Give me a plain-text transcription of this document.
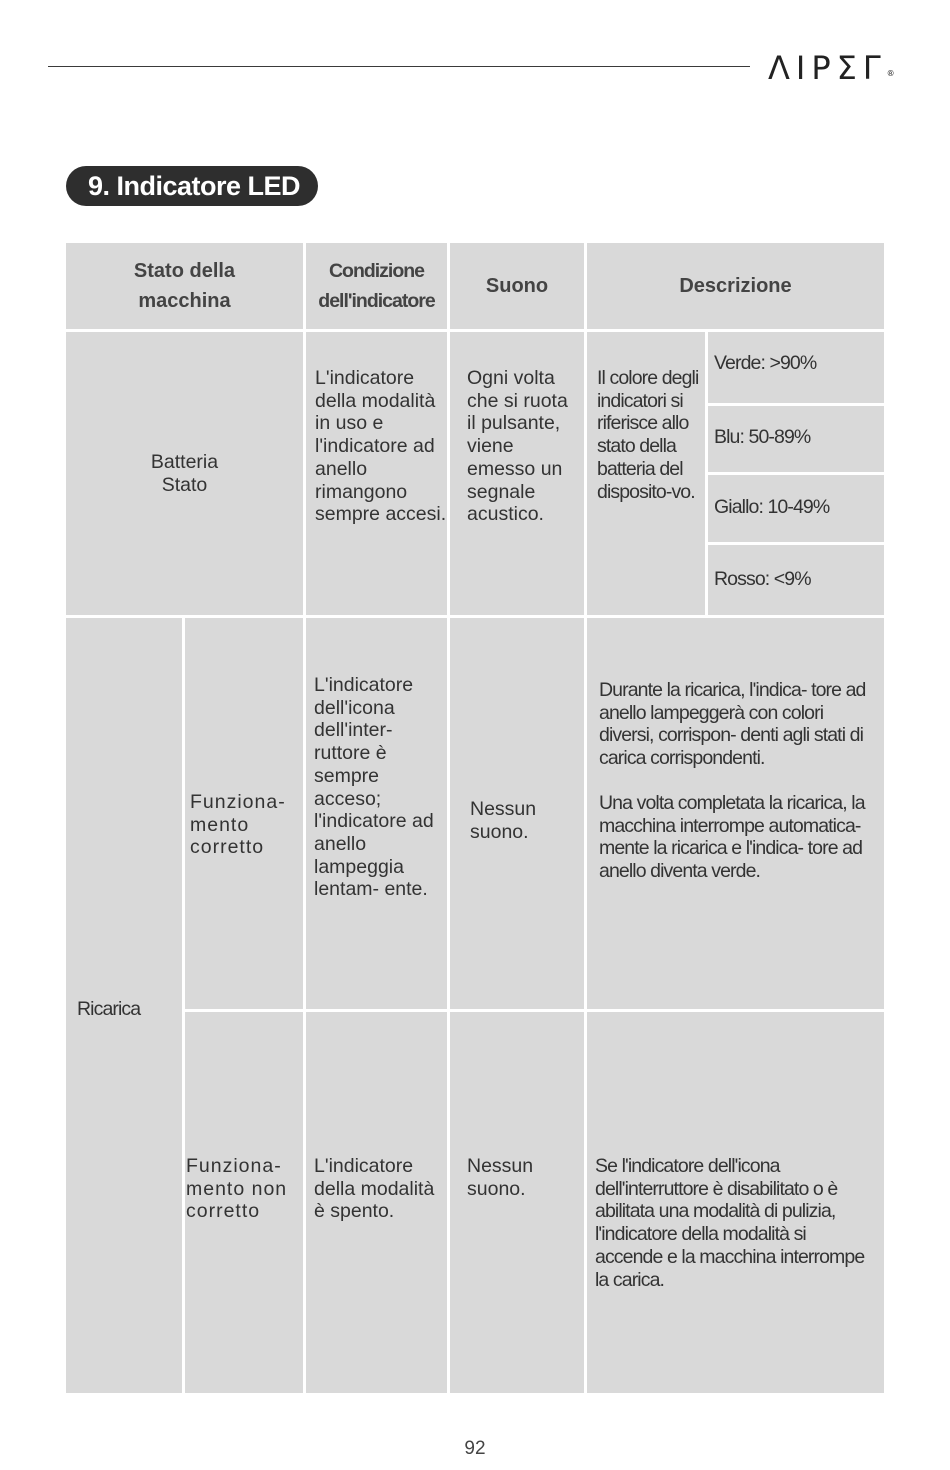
ΛIPΣΓ®
9. Indicatore LED
Stato della macchina
Condizione dell'indicatore
Suono	Descrizione
Batteria Stato
L'indicatore della modalità in uso e l'indicatore ad anello rimangono sempre accesi.
Ogni volta che si ruota il pulsante, viene emesso un segnale acustico.
Il colore degli indicatori si riferisce allo stato della batteria del disposito-vo.
Verde: >90%
Blu: 50-89%
Giallo: 10-49%
Rosso: <9%
Ricarica
Funziona- mento corretto
L'indicatore dell'icona dell'inter- ruttore è sempre acceso; l'indicatore ad anello lampeggia lentam- ente.
Nessun suono.

Durante la ricarica, l'indica- tore ad anello lampeggerà con colori diversi, corrispon- denti agli stati di carica corrispondenti.

Una volta completata la ricarica, la macchina interrompe automatica- mente la ricarica e l'indica- tore ad anello diventa verde.

Funziona- mento non corretto
L'indicatore della modalità è spento.
Nessun suono.
Se l'indicatore dell'icona dell'interruttore è disabilitato o è abilitata una modalità di pulizia, l'indicatore della modalità si accende e la macchina interrompe la carica.
92
